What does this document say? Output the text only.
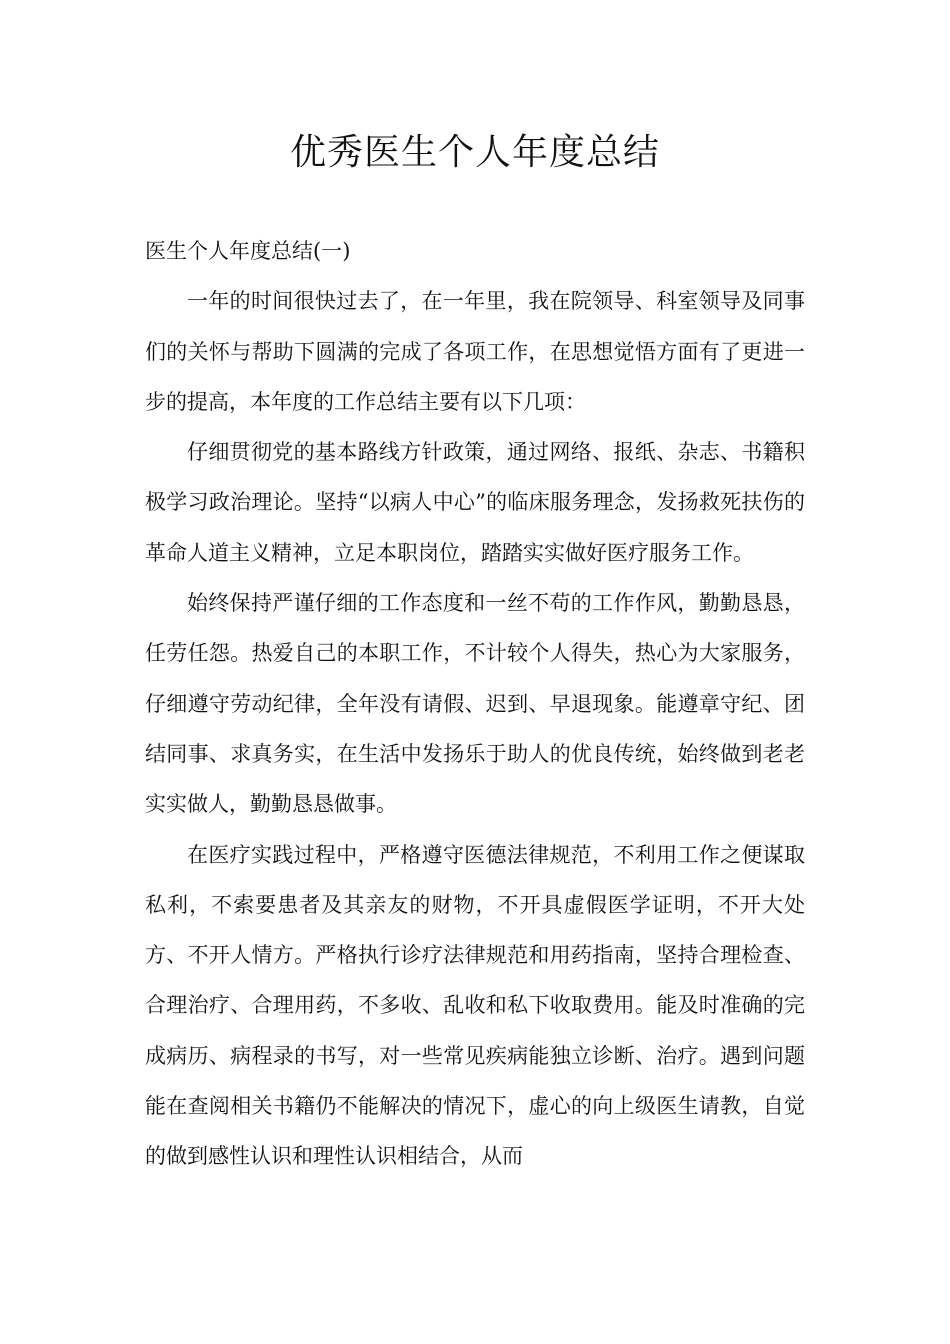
优秀医生个人年度总结

医生个人年度总结(一)

一年的时间很快过去了，在一年里，我在院领导、科室领导及同事们的关怀与帮助下圆满的完成了各项工作，在思想觉悟方面有了更进一步的提高，本年度的工作总结主要有以下几项：

仔细贯彻党的基本路线方针政策，通过网络、报纸、杂志、书籍积极学习政治理论。坚持“以病人中心”的临床服务理念，发扬救死扶伤的革命人道主义精神，立足本职岗位，踏踏实实做好医疗服务工作。

始终保持严谨仔细的工作态度和一丝不苟的工作作风，勤勤恳恳，任劳任怨。热爱自己的本职工作，不计较个人得失，热心为大家服务，仔细遵守劳动纪律，全年没有请假、迟到、早退现象。能遵章守纪、团结同事、求真务实，在生活中发扬乐于助人的优良传统，始终做到老老实实做人，勤勤恳恳做事。

在医疗实践过程中，严格遵守医德法律规范，不利用工作之便谋取私利，不索要患者及其亲友的财物，不开具虚假医学证明，不开大处方、不开人情方。严格执行诊疗法律规范和用药指南，坚持合理检查、合理治疗、合理用药，不多收、乱收和私下收取费用。能及时准确的完成病历、病程录的书写，对一些常见疾病能独立诊断、治疗。遇到问题能在查阅相关书籍仍不能解决的情况下，虚心的向上级医生请教，自觉的做到感性认识和理性认识相结合，从而
